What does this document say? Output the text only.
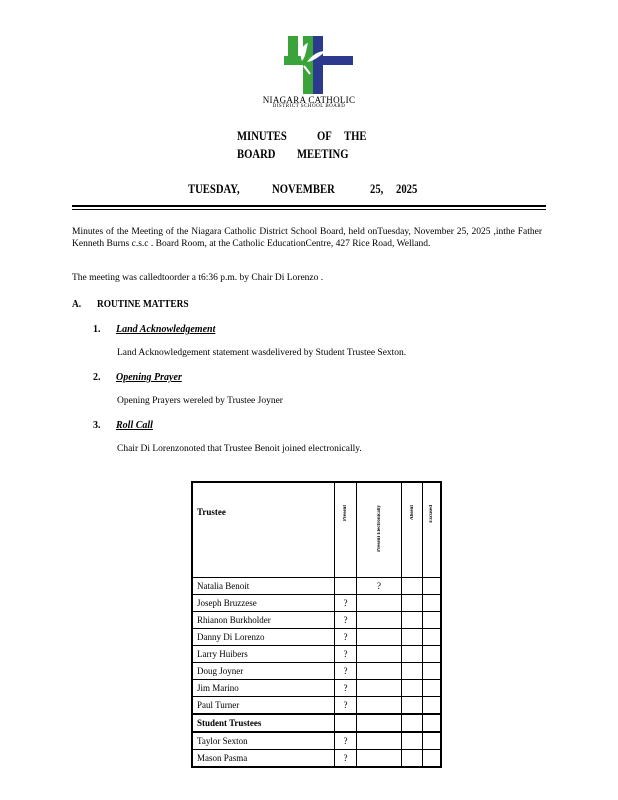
NIAGARA CATHOLIC
DISTRICT SCHOOL BOARD
MINUTES OF THE
BOARD MEETING
TUESDAY, NOVEMBER	25, 2025
Minutes of the Meeting of the Niagara Catholic District School Board, held onTuesday, November 25, 2025 ,inthe Father Kenneth Burns c.s.c . Board Room, at the Catholic EducationCentre, 427 Rice Road, Welland.
The meeting was calledtoorder a t6:36 p.m. by Chair Di Lorenzo .
A. ROUTINE MATTERS
1. Land Acknowledgement
Land Acknowledgement statement wasdelivered by Student Trustee Sexton.
2. Opening Prayer
Opening Prayers wereled by Trustee Joyner
3. Roll Call
Chair Di Lorenzonoted that Trustee Benoit joined electronically.
Trustee	Present	Present Electronically	Absent	Excused

Natalia Benoit		?		
Joseph Bruzzese	?			
Rhianon Burkholder	?			
Danny Di Lorenzo	?			
Larry Huibers	?			
Doug Joyner	?			
Jim Marino	?			
Paul Turner	?			
Student Trustees				
Taylor Sexton	?			
Mason Pasma	?			
